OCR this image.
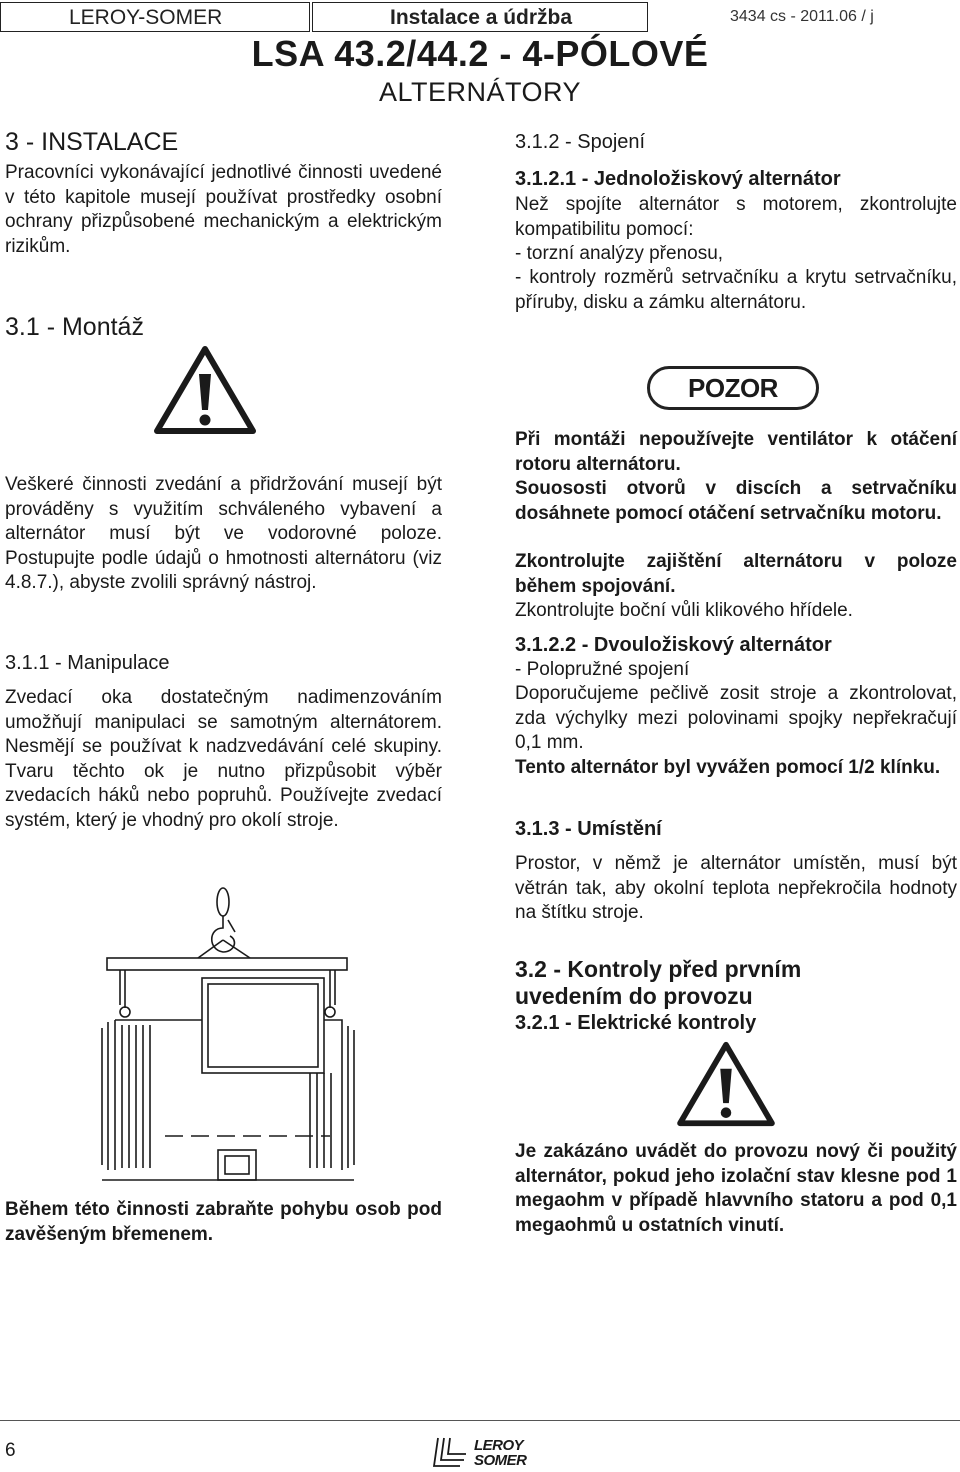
LEROY-SOMER	Instalace a údržba	3434 cs - 2011.06 / j
LSA 43.2/44.2 - 4-PÓLOVÉ
ALTERNÁTORY
3 - INSTALACE
Pracovníci vykonávající jednotlivé činnosti uvedené v této kapitole musejí používat prostředky osobní ochrany přizpůsobené mechanickým a elektrickým rizikům.
3.1 - Montáž
Veškeré činnosti zvedání a přidržování musejí být prováděny s využitím schváleného vybavení a alternátor musí být ve vodorovné poloze. Postupujte podle údajů o hmotnosti alternátoru (viz 4.8.7.), abyste zvolili správný nástroj.
3.1.1 - Manipulace
Zvedací oka dostatečným nadimenzováním umožňují manipulaci se samotným alternátorem. Nesmějí se používat k nadzvedávání celé skupiny. Tvaru těchto ok je nutno přizpůsobit výběr zvedacích háků nebo popruhů. Používejte zvedací systém, který je vhodný pro okolí stroje.
Během této činnosti zabraňte pohybu osob pod zavěšeným břemenem.
3.1.2 - Spojení
3.1.2.1 - Jednoložiskový alternátor
Než spojíte alternátor s motorem, zkontrolujte kompatibilitu pomocí:
- torzní analýzy přenosu,
- kontroly rozměrů setrvačníku a krytu setrvačníku, příruby, disku a zámku alternátoru.
POZOR
Při montáži nepoužívejte ventilátor k otáčení rotoru alternátoru.
Souososti otvorů v discích a setrvačníku dosáhnete pomocí otáčení setrvačníku motoru.
Zkontrolujte zajištění alternátoru v poloze během spojování.
Zkontrolujte boční vůli klikového hřídele.
3.1.2.2 - Dvouložiskový alternátor
- Polopružné spojení
Doporučujeme pečlivě zosit stroje a zkontrolovat, zda výchylky mezi polovinami spojky nepřekračují 0,1 mm.
Tento alternátor byl vyvážen pomocí 1/2 klínku.
3.1.3 - Umístění
Prostor, v němž je alternátor umístěn, musí být větrán tak, aby okolní teplota nepřekročila hodnoty na štítku stroje.
3.2 - Kontroly před prvním uvedením do provozu
3.2.1 - Elektrické kontroly
Je zakázáno uvádět do provozu nový či použitý alternátor, pokud jeho izolační stav klesne pod 1 megaohm v případě hlavvního statoru a pod 0,1 megaohmů u ostatních vinutí.
6	LEROY
SOMER
